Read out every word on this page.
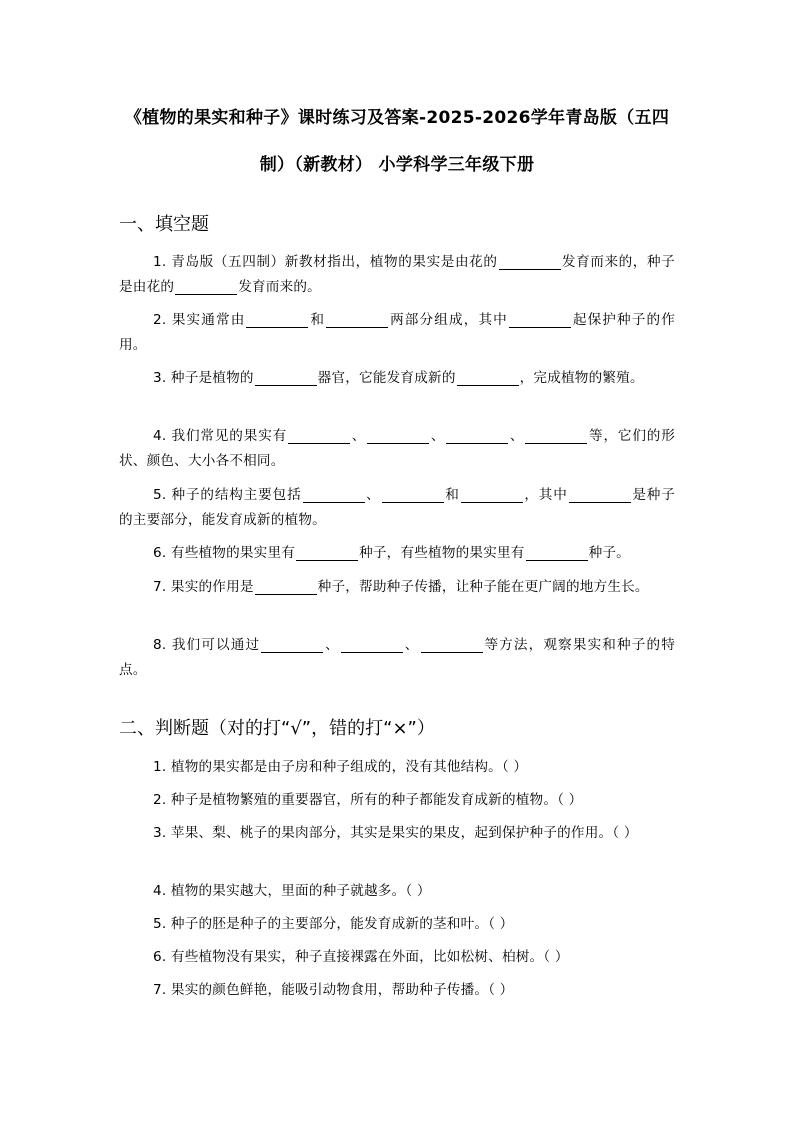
《植物的果实和种子》课时练习及答案-2025-2026学年青岛版（五四
制）（新教材） 小学科学三年级下册
一、填空题
1. 青岛版（五四制）新教材指出，植物的果实是由花的	发育而来的，种子是由花的	发育而来的。
2. 果实通常由	和	两部分组成，其中	起保护种子的作用。
3. 种子是植物的	器官，它能发育成新的	，完成植物的繁殖。
4. 我们常见的果实有	、	、	、	等，它们的形状、颜色、大小各不相同。
5. 种子的结构主要包括	、	和	，其中	是种子的主要部分，能发育成新的植物。
6. 有些植物的果实里有	种子，有些植物的果实里有	种子。
7. 果实的作用是	种子，帮助种子传播，让种子能在更广阔的地方生长。
8. 我们可以通过	、	、	等方法，观察果实和种子的特点。
二、判断题（对的打“√”，错的打“×”）
1. 植物的果实都是由子房和种子组成的，没有其他结构。（ ）
2. 种子是植物繁殖的重要器官，所有的种子都能发育成新的植物。（ ）
3. 苹果、梨、桃子的果肉部分，其实是果实的果皮，起到保护种子的作用。（ ）
4. 植物的果实越大，里面的种子就越多。（ ）
5. 种子的胚是种子的主要部分，能发育成新的茎和叶。（ ）
6. 有些植物没有果实，种子直接裸露在外面，比如松树、柏树。（ ）
7. 果实的颜色鲜艳，能吸引动物食用，帮助种子传播。（ ）
